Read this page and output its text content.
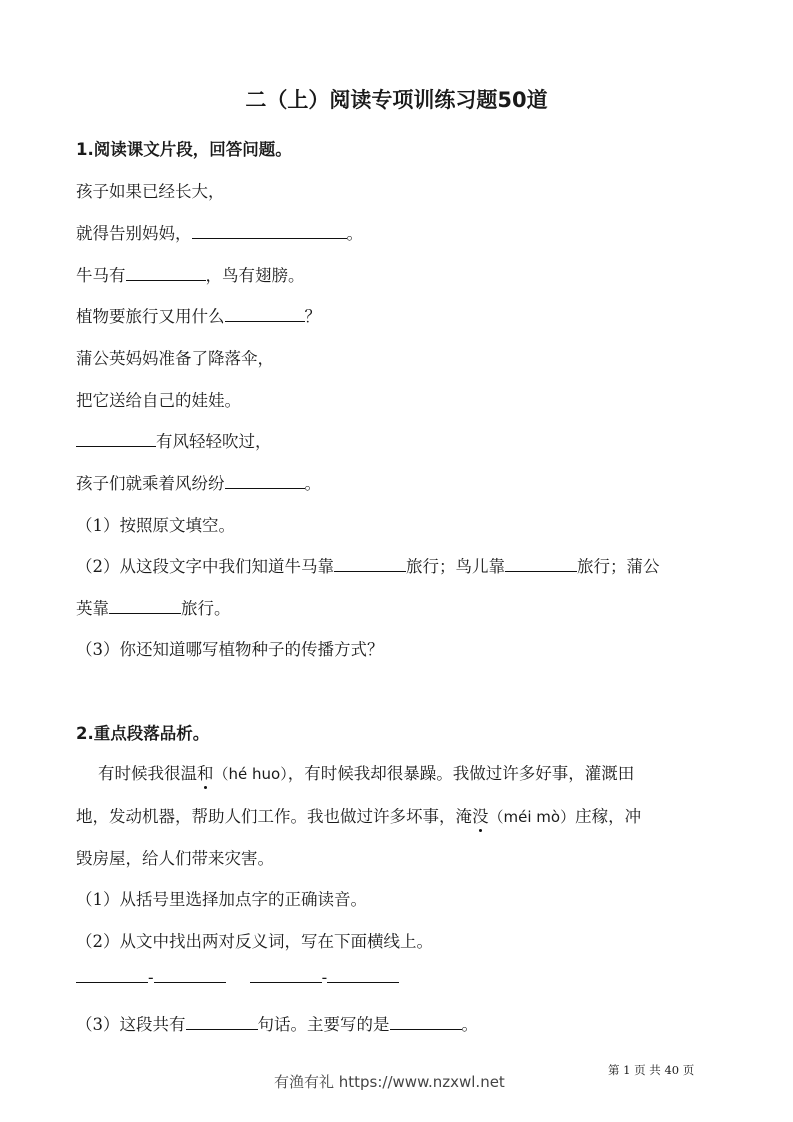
二（上）阅读专项训练习题50道
1.阅读课文片段，回答问题。
孩子如果已经长大，
就得告别妈妈，	。
牛马有	，鸟有翅膀。
植物要旅行又用什么	？
蒲公英妈妈准备了降落伞，
把它送给自己的娃娃。
有风轻轻吹过，
孩子们就乘着风纷纷	。
（1）按照原文填空。
（2）从这段文字中我们知道牛马靠	旅行；鸟儿靠	旅行；蒲公
英靠	旅行。
（3）你还知道哪写植物种子的传播方式？
2.重点段落品析。
有时候我很温和（hé huo），有时候我却很暴躁。我做过许多好事，灌溉田
地，发动机器，帮助人们工作。我也做过许多坏事，淹没（méi mò）庄稼，冲
毁房屋，给人们带来灾害。
（1）从括号里选择加点字的正确读音。
（2）从文中找出两对反义词，写在下面横线上。
-	-
（3）这段共有	句话。主要写的是	。
第 1 页 共 40 页
有渔有礼 https://www.nzxwl.net
